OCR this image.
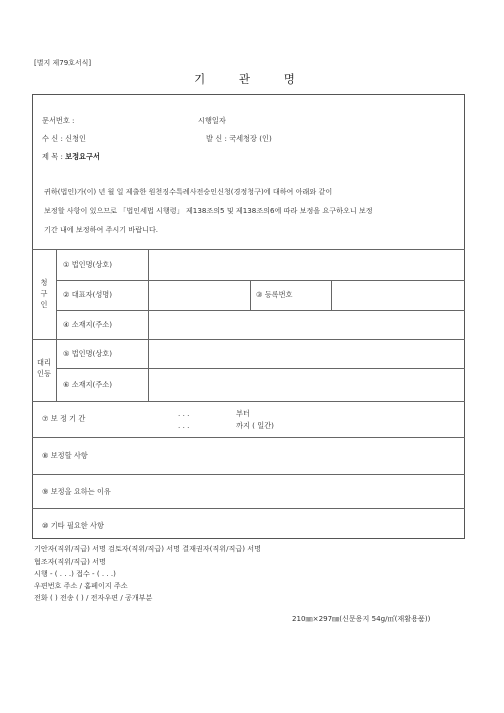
[별지 제79호서식]
기 관 명
문서번호 :	시행일자
수 신 : 신청인	발 신 : 국세청장 (인)
제 목 : 보정요구서
귀하(법인)가(이) 년 월 일 제출한 원천징수특례사전승인신청(경정청구)에 대하여 아래와 같이
보정할 사항이 있으므로 「법인세법 시행령」 제138조의5 및 제138조의6에 따라 보정을 요구하오니 보정
기간 내에 보정하여 주시기 바랍니다.
청
구
인
대리
인등
① 법인명(상호)
② 대표자(성명)	③ 등록번호
④ 소재지(주소)
⑤ 법인명(상호)
⑥ 소재지(주소)
⑦ 보 정 기 간
. . .	부터
. . .	까지 ( 일간)
⑧ 보정할 사항
⑨ 보정을 요하는 이유
⑩ 기타 필요한 사항
기안자(직위/직급) 서명 검토자(직위/직급) 서명 결재권자(직위/직급) 서명
협조자(직위/직급) 서명
시행 - ( . . .) 접수 - ( . . .)
우편번호 주소 / 홈페이지 주소
전화 ( ) 전송 ( ) / 전자우편 / 공개부분
210㎜×297㎜(신문용지 54g/㎡(재활용품))
